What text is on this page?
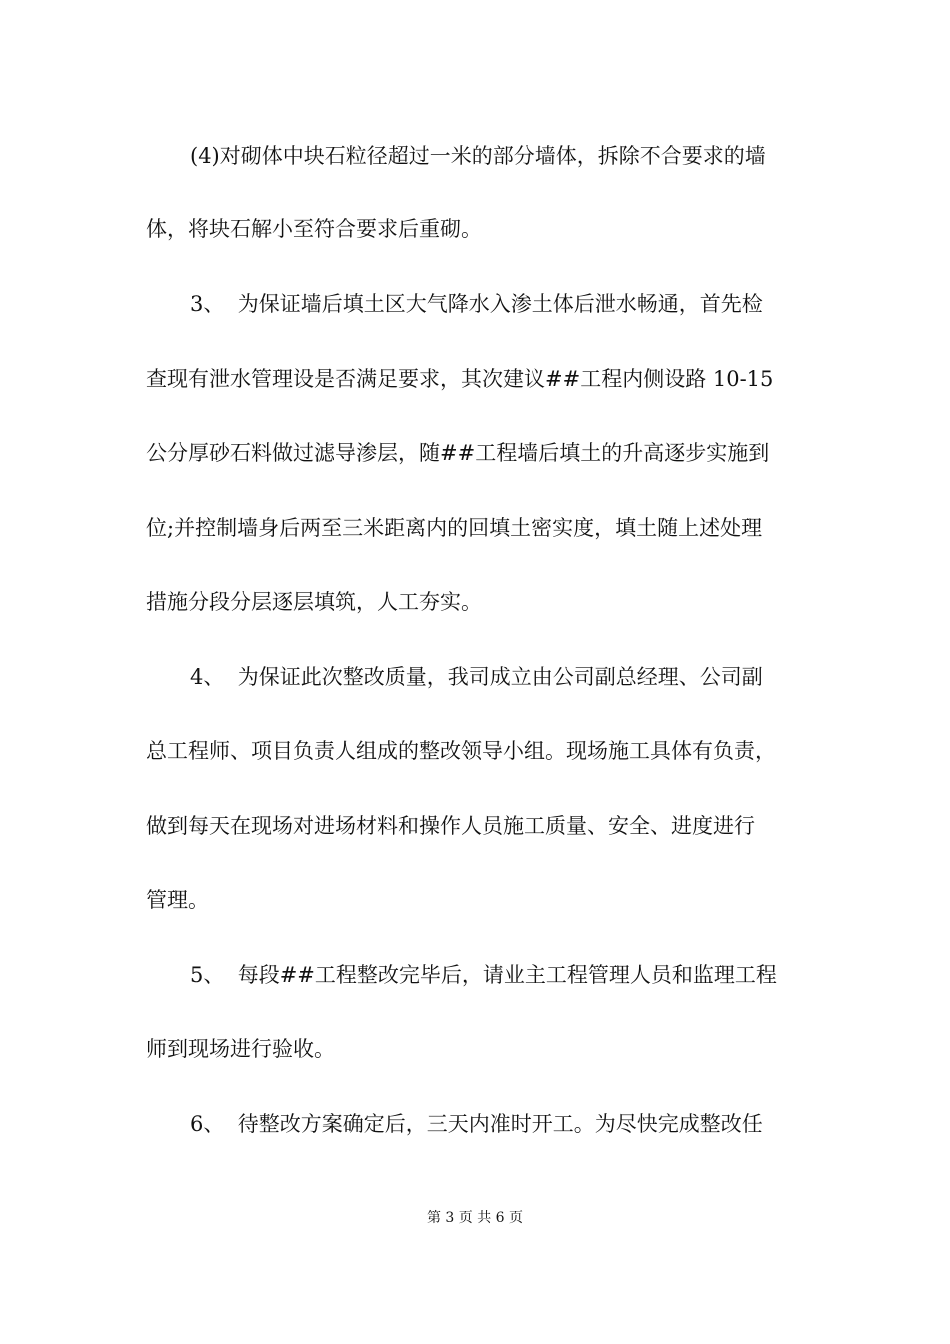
(4)对砌体中块石粒径超过一米的部分墙体，拆除不合要求的墙

体，将块石解小至符合要求后重砌。

3、  为保证墙后填土区大气降水入渗土体后泄水畅通，首先检

查现有泄水管理设是否满足要求，其次建议##工程内侧设路 10-15

公分厚砂石料做过滤导渗层，随##工程墙后填土的升高逐步实施到

位;并控制墙身后两至三米距离内的回填土密实度，填土随上述处理

措施分段分层逐层填筑，人工夯实。

4、  为保证此次整改质量，我司成立由公司副总经理、公司副

总工程师、项目负责人组成的整改领导小组。现场施工具体有负责，

做到每天在现场对进场材料和操作人员施工质量、安全、进度进行

管理。

5、  每段##工程整改完毕后，请业主工程管理人员和监理工程

师到现场进行验收。

6、  待整改方案确定后，三天内准时开工。为尽快完成整改任

第 3 页 共 6 页
